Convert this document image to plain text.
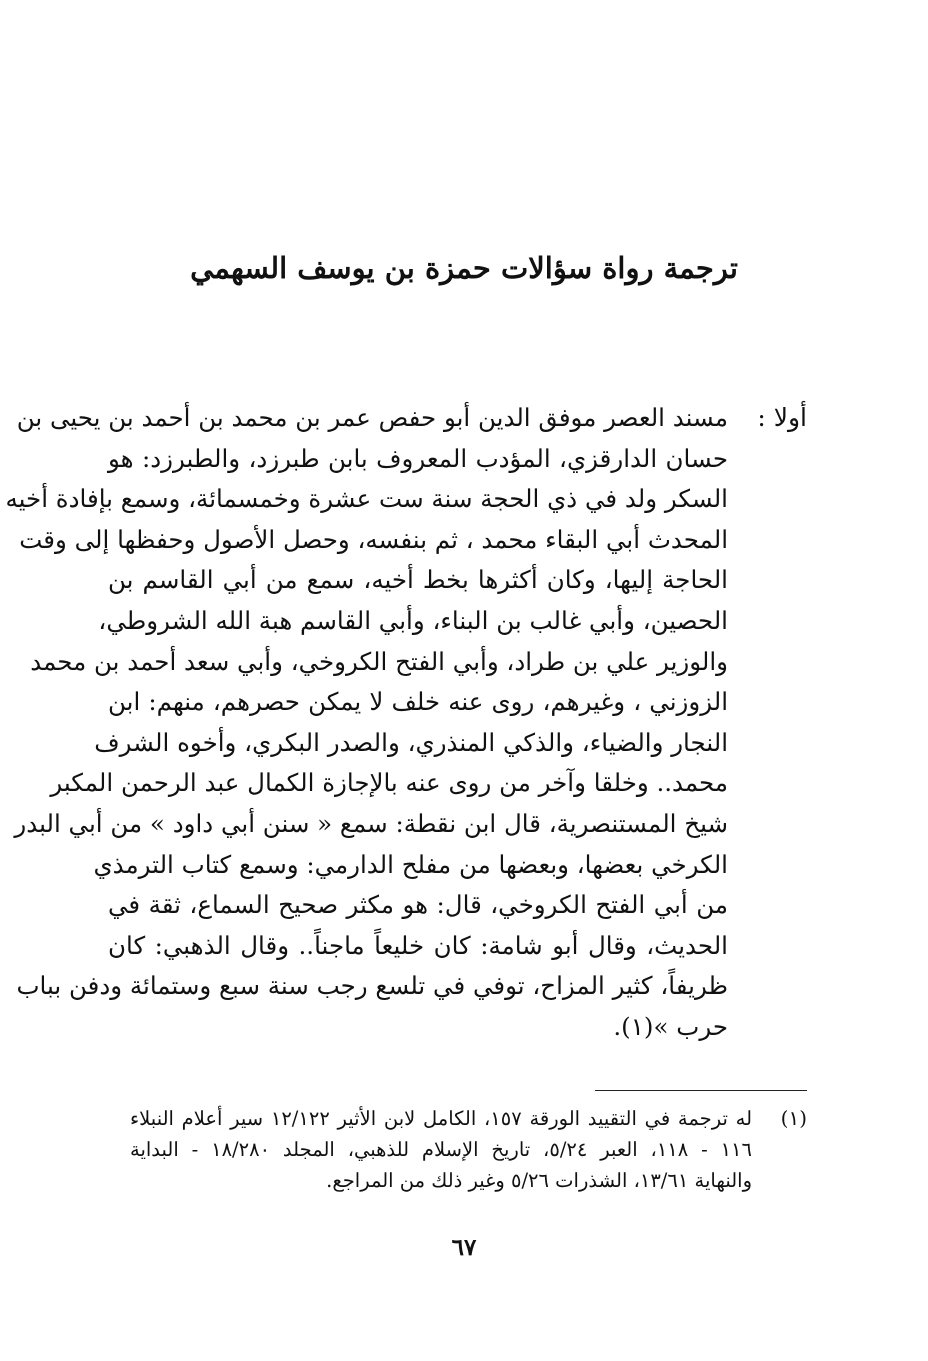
ترجمة رواة سؤالات حمزة بن يوسف السهمي
أولا :
مسند العصر موفق الدين أبو حفص عمر بن محمد بن أحمد بن يحيى بن
حسان الدارقزي، المؤدب المعروف بابن طبرزد، والطبرزد: هو
السكر ولد في ذي الحجة سنة ست عشرة وخمسمائة، وسمع بإفادة أخيه
المحدث أبي البقاء محمد ، ثم بنفسه، وحصل الأصول وحفظها إلى وقت
الحاجة إليها، وكان أكثرها بخط أخيه، سمع من أبي القاسم بن
الحصين، وأبي غالب بن البناء، وأبي القاسم هبة الله الشروطي،
والوزير علي بن طراد، وأبي الفتح الكروخي، وأبي سعد أحمد بن محمد
الزوزني ، وغيرهم، روى عنه خلف لا يمكن حصرهم، منهم: ابن
النجار والضياء، والذكي المنذري، والصدر البكري، وأخوه الشرف
محمد.. وخلقا وآخر من روى عنه بالإجازة الكمال عبد الرحمن المكبر
شيخ المستنصرية، قال ابن نقطة: سمع « سنن أبي داود » من أبي البدر
الكرخي بعضها، وبعضها من مفلح الدارمي: وسمع كتاب الترمذي
من أبي الفتح الكروخي، قال: هو مكثر صحيح السماع، ثقة في
الحديث، وقال أبو شامة: كان خليعاً ماجناً.. وقال الذهبي: كان
ظريفاً، كثير المزاح، توفي في تلسع رجب سنة سبع وستمائة ودفن بباب
حرب »(١).
(١)
له ترجمة في التقييد الورقة ١٥٧، الكامل لابن الأثير ١٢/١٢٢ سير أعلام النبلاء
١١٦ - ١١٨، العبر ٥/٢٤، تاريخ الإسلام للذهبي، المجلد ١٨/٢٨٠ - البداية
والنهاية ١٣/٦١، الشذرات ٥/٢٦ وغير ذلك من المراجع.
٦٧
